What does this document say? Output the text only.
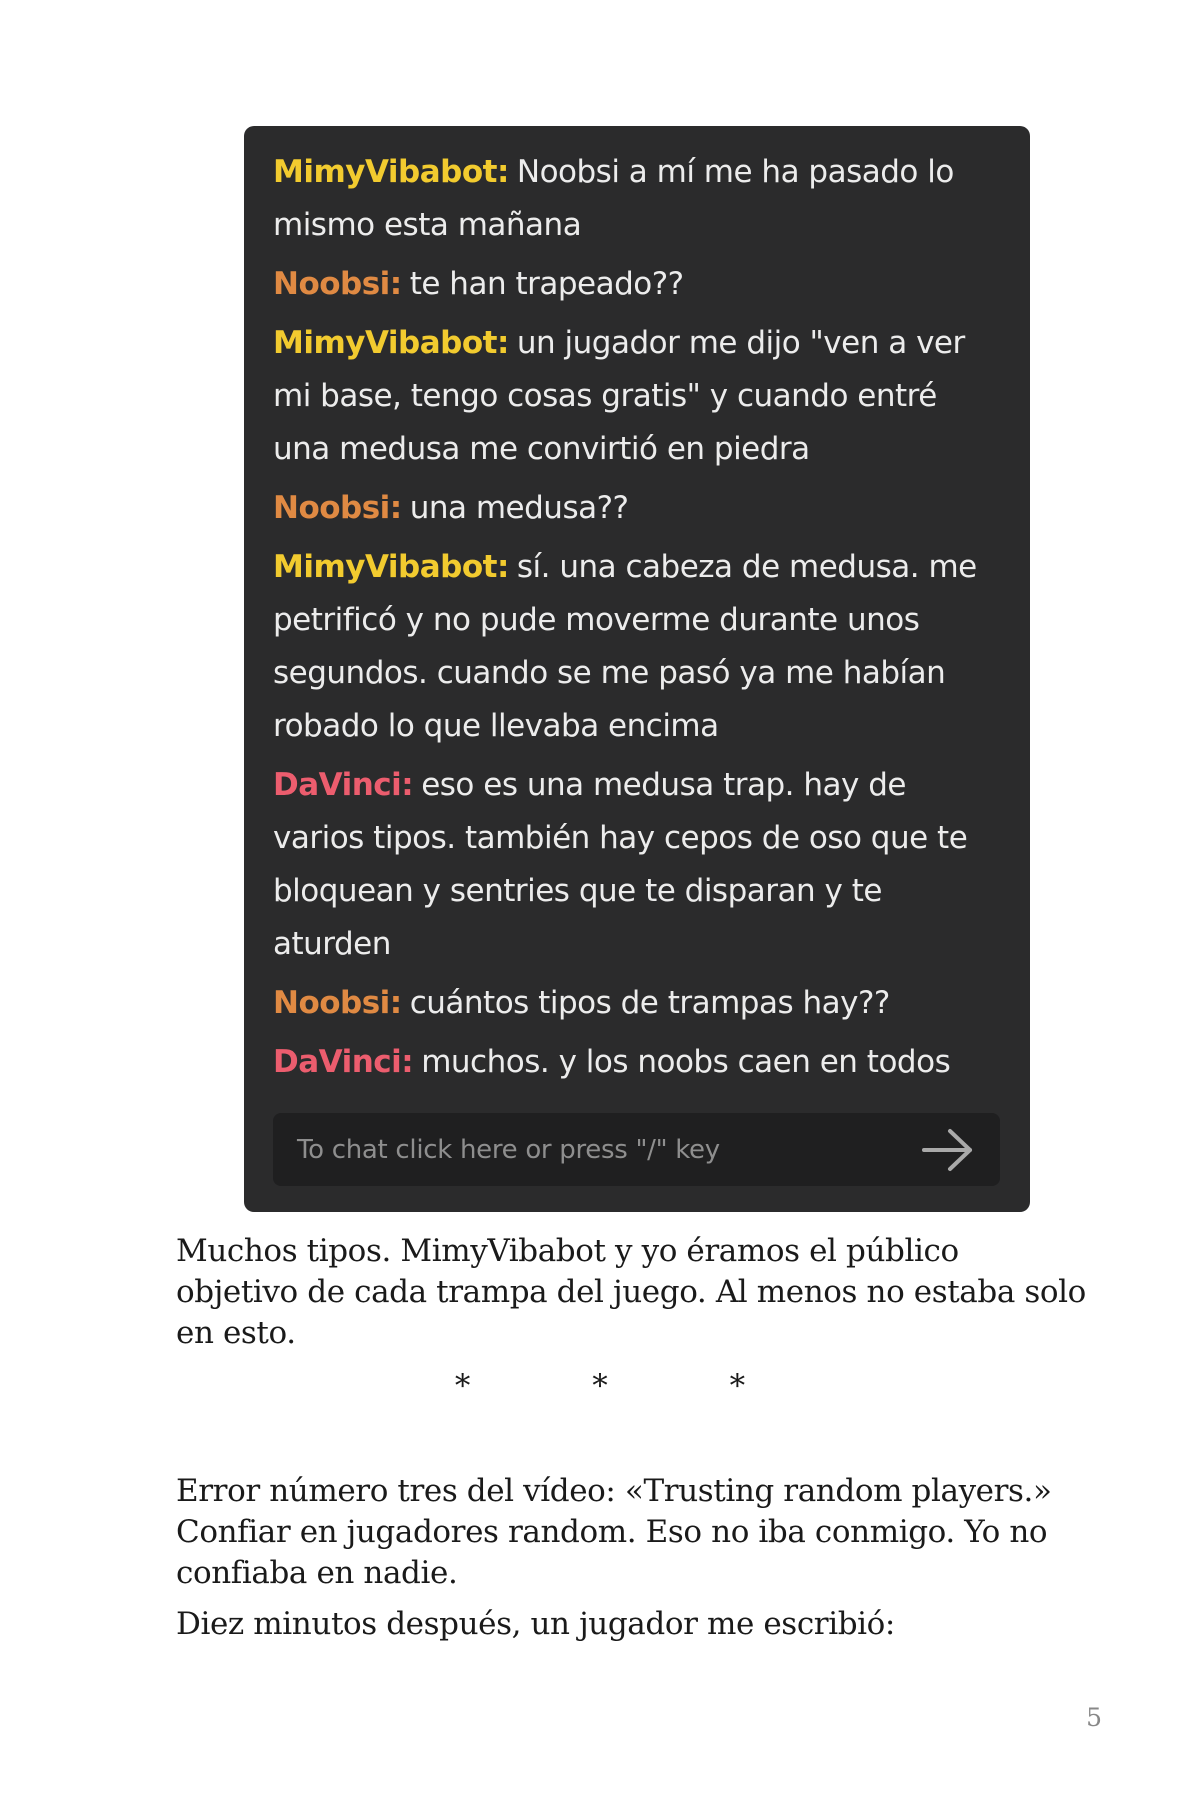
MimyVibabot: Noobsi a mí me ha pasado lo mismo esta mañana
Noobsi: te han trapeado??
MimyVibabot: un jugador me dijo "ven a ver mi base, tengo cosas gratis" y cuando entré una medusa me convirtió en piedra
Noobsi: una medusa??
MimyVibabot: sí. una cabeza de medusa. me petrificó y no pude moverme durante unos segundos. cuando se me pasó ya me habían robado lo que llevaba encima
DaVinci: eso es una medusa trap. hay de varios tipos. también hay cepos de oso que te bloquean y sentries que te disparan y te aturden
Noobsi: cuántos tipos de trampas hay??
DaVinci: muchos. y los noobs caen en todos
To chat click here or press "/" key

Muchos tipos. MimyVibabot y yo éramos el público objetivo de cada trampa del juego. Al menos no estaba solo en esto.

* * *

Error número tres del vídeo: «Trusting random players.» Confiar en jugadores random. Eso no iba conmigo. Yo no confiaba en nadie.

Diez minutos después, un jugador me escribió:

5
